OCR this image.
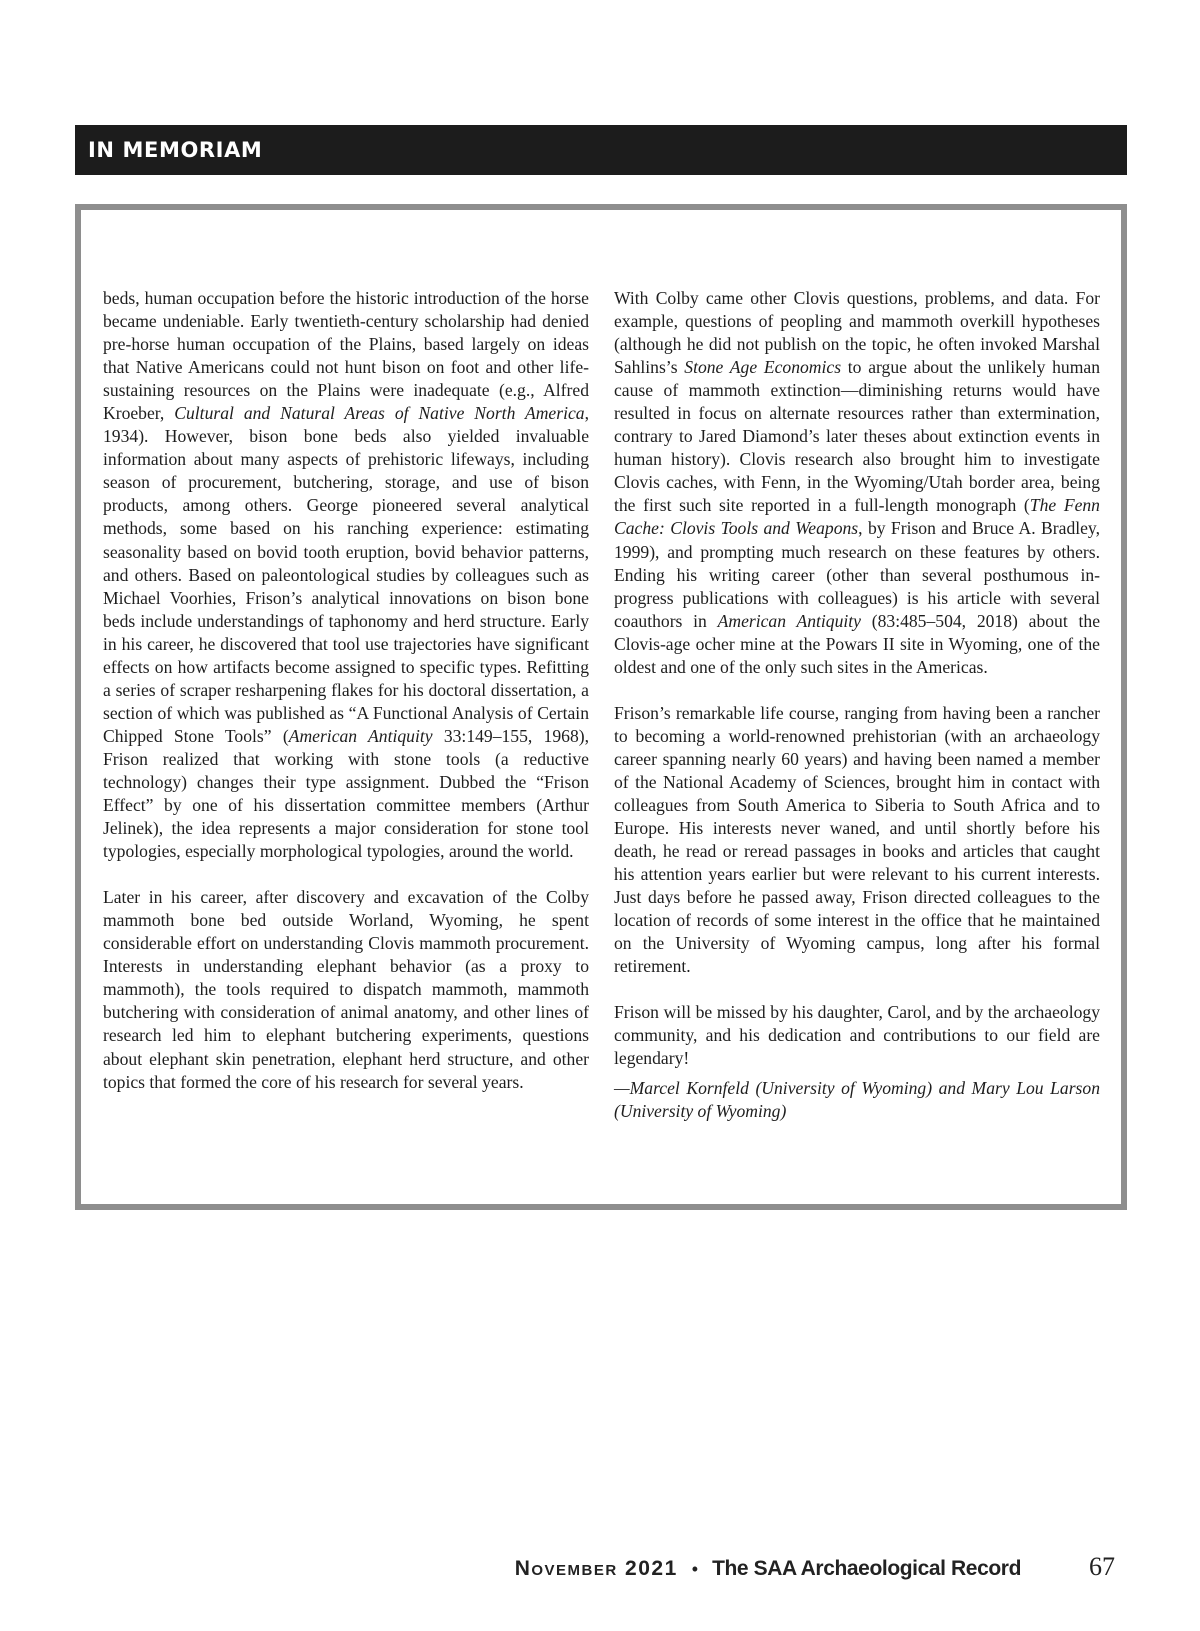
IN MEMORIAM

beds, human occupation before the historic introduction of the horse became undeniable. Early twentieth-century scholarship had denied pre-horse human occupation of the Plains, based largely on ideas that Native Americans could not hunt bison on foot and other life-sustaining resources on the Plains were inadequate (e.g., Alfred Kroeber, Cultural and Natural Areas of Native North America, 1934). However, bison bone beds also yielded invaluable information about many aspects of prehistoric lifeways, including season of procurement, butchering, storage, and use of bison products, among others. George pioneered several analytical methods, some based on his ranching experience: estimating seasonality based on bovid tooth eruption, bovid behavior patterns, and others. Based on paleontological studies by colleagues such as Michael Voorhies, Frison’s analytical innovations on bison bone beds include understandings of taphonomy and herd structure. Early in his career, he discovered that tool use trajectories have significant effects on how artifacts become assigned to specific types. Refitting a series of scraper resharpening flakes for his doctoral dissertation, a section of which was published as “A Functional Analysis of Certain Chipped Stone Tools” (American Antiquity 33:149–155, 1968), Frison realized that working with stone tools (a reductive technology) changes their type assignment. Dubbed the “Frison Effect” by one of his dissertation committee members (Arthur Jelinek), the idea represents a major consideration for stone tool typologies, especially morphological typologies, around the world.

Later in his career, after discovery and excavation of the Colby mammoth bone bed outside Worland, Wyoming, he spent considerable effort on understanding Clovis mammoth procurement. Interests in understanding elephant behavior (as a proxy to mammoth), the tools required to dispatch mammoth, mammoth butchering with consideration of animal anatomy, and other lines of research led him to elephant butchering experiments, questions about elephant skin penetration, elephant herd structure, and other topics that formed the core of his research for several years.

With Colby came other Clovis questions, problems, and data. For example, questions of peopling and mammoth overkill hypotheses (although he did not publish on the topic, he often invoked Marshal Sahlins’s Stone Age Economics to argue about the unlikely human cause of mammoth extinction—diminishing returns would have resulted in focus on alternate resources rather than extermination, contrary to Jared Diamond’s later theses about extinction events in human history). Clovis research also brought him to investigate Clovis caches, with Fenn, in the Wyoming/Utah border area, being the first such site reported in a full-length monograph (The Fenn Cache: Clovis Tools and Weapons, by Frison and Bruce A. Bradley, 1999), and prompting much research on these features by others. Ending his writing career (other than several posthumous in-progress publications with colleagues) is his article with several coauthors in American Antiquity (83:485–504, 2018) about the Clovis-age ocher mine at the Powars II site in Wyoming, one of the oldest and one of the only such sites in the Americas.

Frison’s remarkable life course, ranging from having been a rancher to becoming a world-renowned prehistorian (with an archaeology career spanning nearly 60 years) and having been named a member of the National Academy of Sciences, brought him in contact with colleagues from South America to Siberia to South Africa and to Europe. His interests never waned, and until shortly before his death, he read or reread passages in books and articles that caught his attention years earlier but were relevant to his current interests. Just days before he passed away, Frison directed colleagues to the location of records of some interest in the office that he maintained on the University of Wyoming campus, long after his formal retirement.

Frison will be missed by his daughter, Carol, and by the archaeology community, and his dedication and contributions to our field are legendary!

—Marcel Kornfeld (University of Wyoming) and Mary Lou Larson (University of Wyoming)

November 2021 • The SAA Archaeological Record	67
